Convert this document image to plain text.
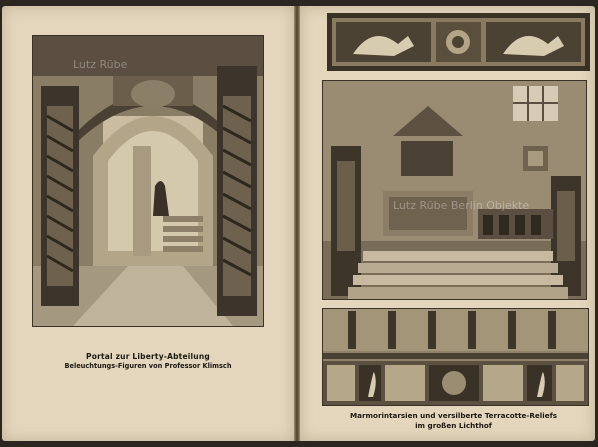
Lutz Rübe
Portal zur Liberty-Abteilung
Beleuchtungs-Figuren von Professor Klimsch
Lutz Rübe Berlin Objekte
Marmorintarsien und versilberte Terracotte-Reliefs
im großen Lichthof
